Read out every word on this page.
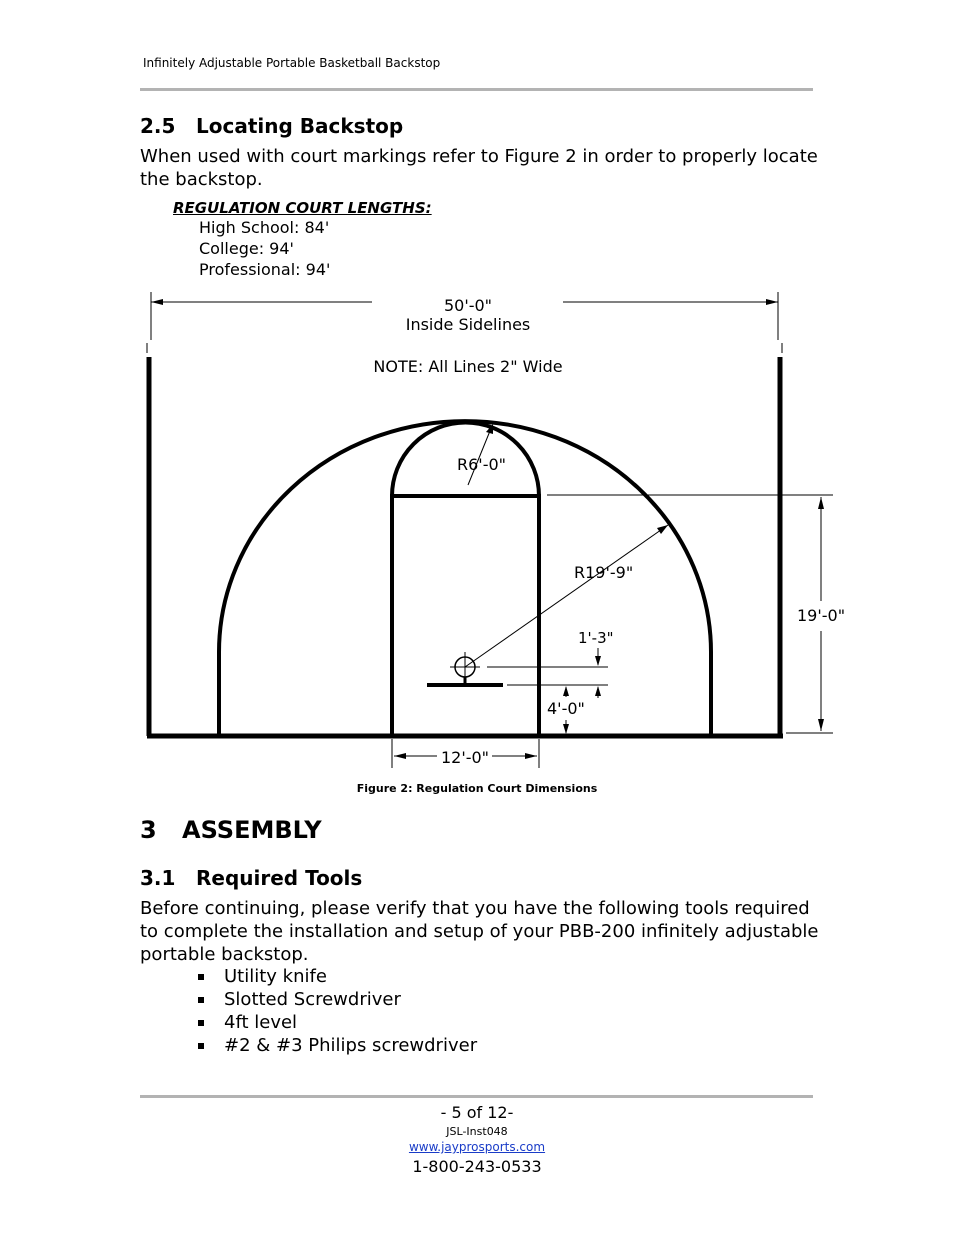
Infinitely Adjustable Portable Basketball Backstop
2.5 Locating Backstop
When used with court markings refer to Figure 2 in order to properly locate the backstop.
REGULATION COURT LENGTHS:
High School: 84'
College: 94'
Professional: 94'
50'-0"
Inside Sidelines
NOTE: All Lines 2" Wide
R6'-0"
R19'-9"
1'-3"
19'-0"
4'-0"
12'-0"
Figure 2: Regulation Court Dimensions
3 ASSEMBLY
3.1 Required Tools
Before continuing, please verify that you have the following tools required
to complete the installation and setup of your PBB-200 infinitely adjustable
portable backstop.
Utility knife
Slotted Screwdriver
4ft level
#2 & #3 Philips screwdriver
- 5 of 12-
JSL-Inst048
www.jayprosports.com
1-800-243-0533
